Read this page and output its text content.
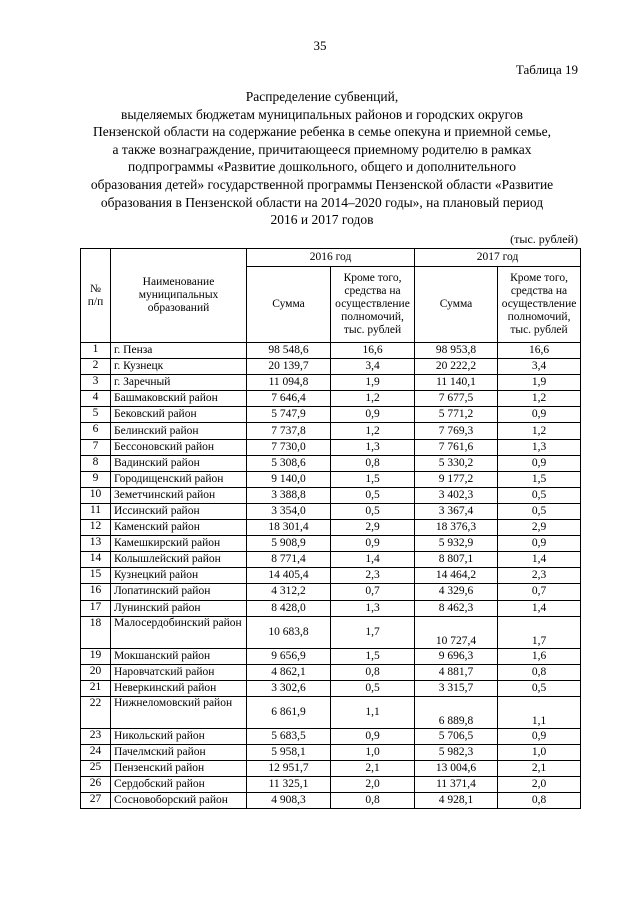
35
Таблица 19
Распределение субвенций,
выделяемых бюджетам муниципальных районов и городских округов
Пензенской области на содержание ребенка в семье опекуна и приемной семье,
а также вознаграждение, причитающееся приемному родителю в рамках
подпрограммы «Развитие дошкольного, общего и дополнительного
образования детей» государственной программы Пензенской области «Развитие
образования в Пензенской области на 2014–2020 годы», на плановый период
2016 и 2017 годов
(тыс. рублей)
№ п/п	Наименование муниципальных образований	2016 год		2017 год	
		Сумма	Кроме того, средства на осуществление полномочий, тыс. рублей	Сумма	Кроме того, средства на осуществление полномочий, тыс. рублей
1	г. Пенза	98 548,6	16,6	98 953,8	16,6
2	г. Кузнецк	20 139,7	3,4	20 222,2	3,4
3	г. Заречный	11 094,8	1,9	11 140,1	1,9
4	Башмаковский район	7 646,4	1,2	7 677,5	1,2
5	Бековский район	5 747,9	0,9	5 771,2	0,9
6	Белинский район	7 737,8	1,2	7 769,3	1,2
7	Бессоновский район	7 730,0	1,3	7 761,6	1,3
8	Вадинский район	5 308,6	0,8	5 330,2	0,9
9	Городищенский район	9 140,0	1,5	9 177,2	1,5
10	Земетчинский район	3 388,8	0,5	3 402,3	0,5
11	Иссинский район	3 354,0	0,5	3 367,4	0,5
12	Каменский район	18 301,4	2,9	18 376,3	2,9
13	Камешкирский район	5 908,9	0,9	5 932,9	0,9
14	Колышлейский район	8 771,4	1,4	8 807,1	1,4
15	Кузнецкий район	14 405,4	2,3	14 464,2	2,3
16	Лопатинский район	4 312,2	0,7	4 329,6	0,7
17	Лунинский район	8 428,0	1,3	8 462,3	1,4
18	Малосердобинский район	10 683,8	1,7	10 727,4	1,7
19	Мокшанский район	9 656,9	1,5	9 696,3	1,6
20	Наровчатский район	4 862,1	0,8	4 881,7	0,8
21	Неверкинский район	3 302,6	0,5	3 315,7	0,5
22	Нижнеломовский район	6 861,9	1,1	6 889,8	1,1
23	Никольский район	5 683,5	0,9	5 706,5	0,9
24	Пачелмский район	5 958,1	1,0	5 982,3	1,0
25	Пензенский район	12 951,7	2,1	13 004,6	2,1
26	Сердобский район	11 325,1	2,0	11 371,4	2,0
27	Сосновоборский район	4 908,3	0,8	4 928,1	0,8
